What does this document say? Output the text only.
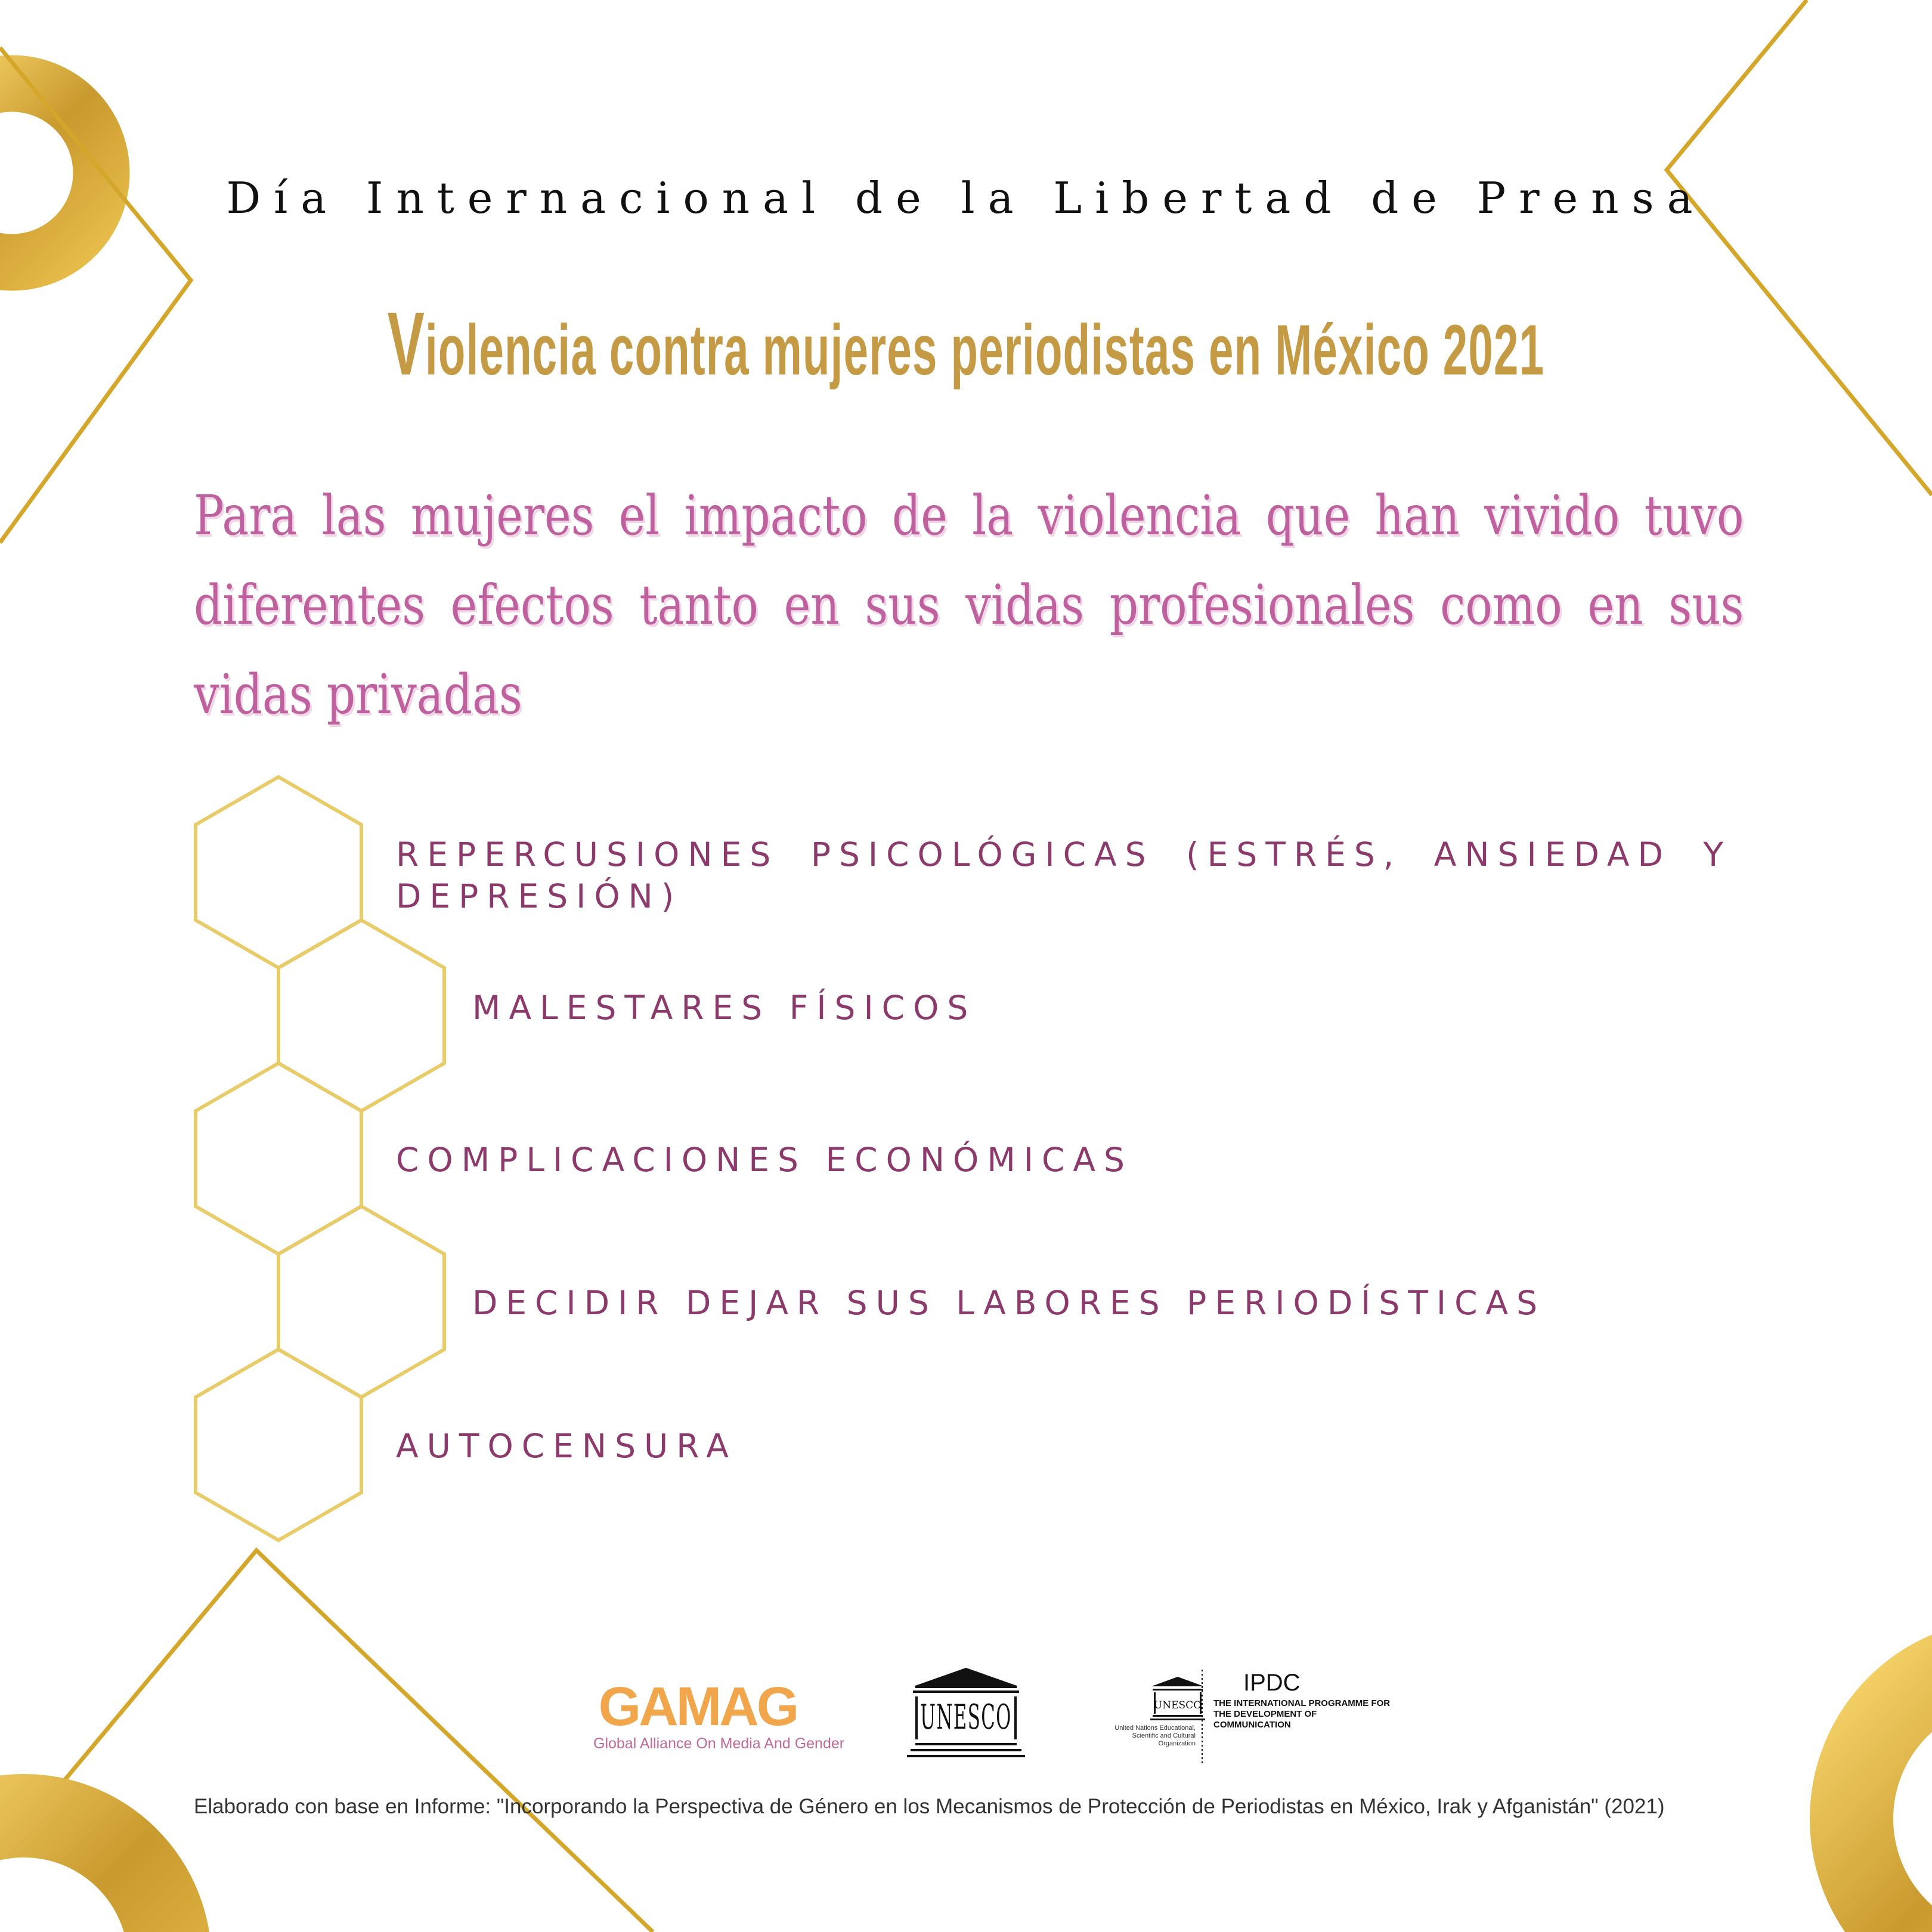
Día Internacional de la Libertad de Prensa
Violencia contra mujeres periodistas en México 2021
Para las mujeres el impacto de la violencia que han vivido tuvo diferentes efectos tanto en sus vidas profesionales como en sus vidas privadas
REPERCUSIONES PSICOLÓGICAS (ESTRÉS, ANSIEDAD Y DEPRESIÓN)
MALESTARES FÍSICOS
COMPLICACIONES ECONÓMICAS
DECIDIR DEJAR SUS LABORES PERIODÍSTICAS
AUTOCENSURA
GAMAG
Global Alliance On Media And Gender
UNESCO	UNESCO
United Nations Educational, Scientific and Cultural Organization
IPDC
THE INTERNATIONAL PROGRAMME FOR THE DEVELOPMENT OF COMMUNICATION
Elaborado con base en Informe: "Incorporando la Perspectiva de Género en los Mecanismos de Protección de Periodistas en México, Irak y Afganistán" (2021)
